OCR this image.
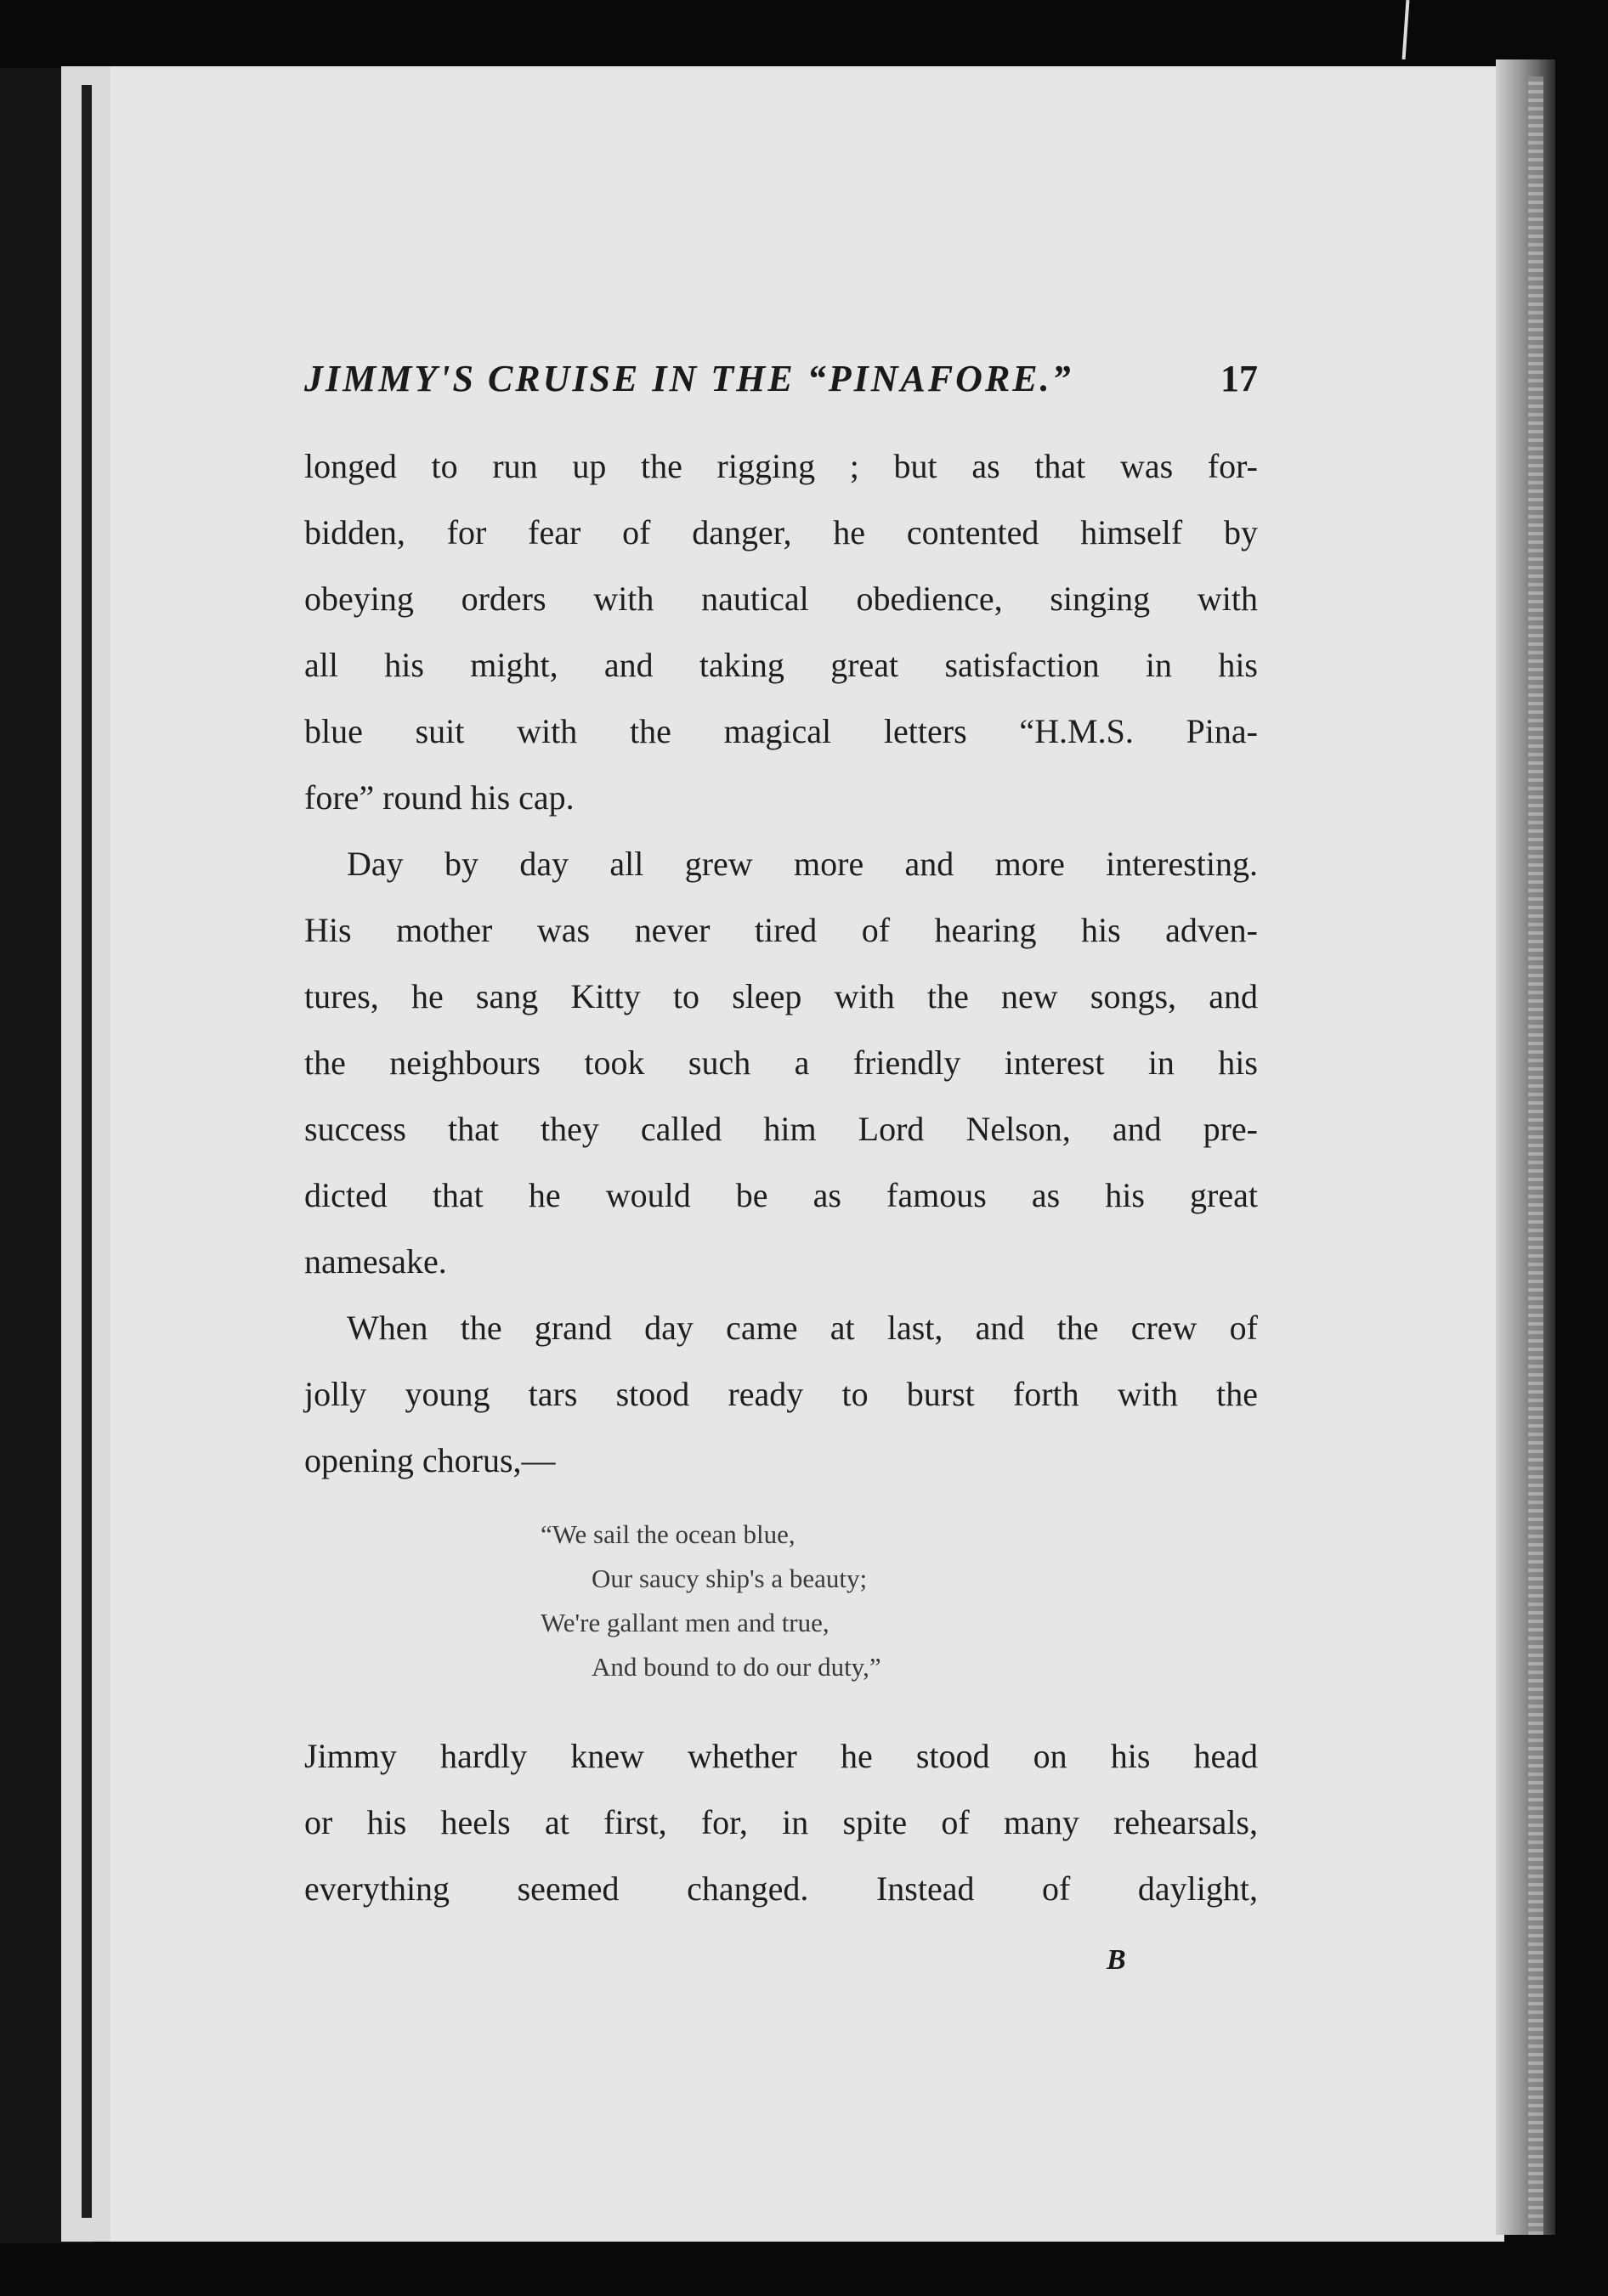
JIMMY'S CRUISE IN THE “PINAFORE.”	17
longed to run up the rigging ; but as that was for-
bidden, for fear of danger, he contented himself by
obeying orders with nautical obedience, singing with
all his might, and taking great satisfaction in his
blue suit with the magical letters “H.M.S. Pina-
fore” round his cap.
Day by day all grew more and more interesting.
His mother was never tired of hearing his adven-
tures, he sang Kitty to sleep with the new songs, and
the neighbours took such a friendly interest in his
success that they called him Lord Nelson, and pre-
dicted that he would be as famous as his great
namesake.
When the grand day came at last, and the crew of
jolly young tars stood ready to burst forth with the
opening chorus,—
“We sail the ocean blue,
Our saucy ship's a beauty;
We're gallant men and true,
And bound to do our duty,”
Jimmy hardly knew whether he stood on his head
or his heels at first, for, in spite of many rehearsals,
everything seemed changed. Instead of daylight,
B
